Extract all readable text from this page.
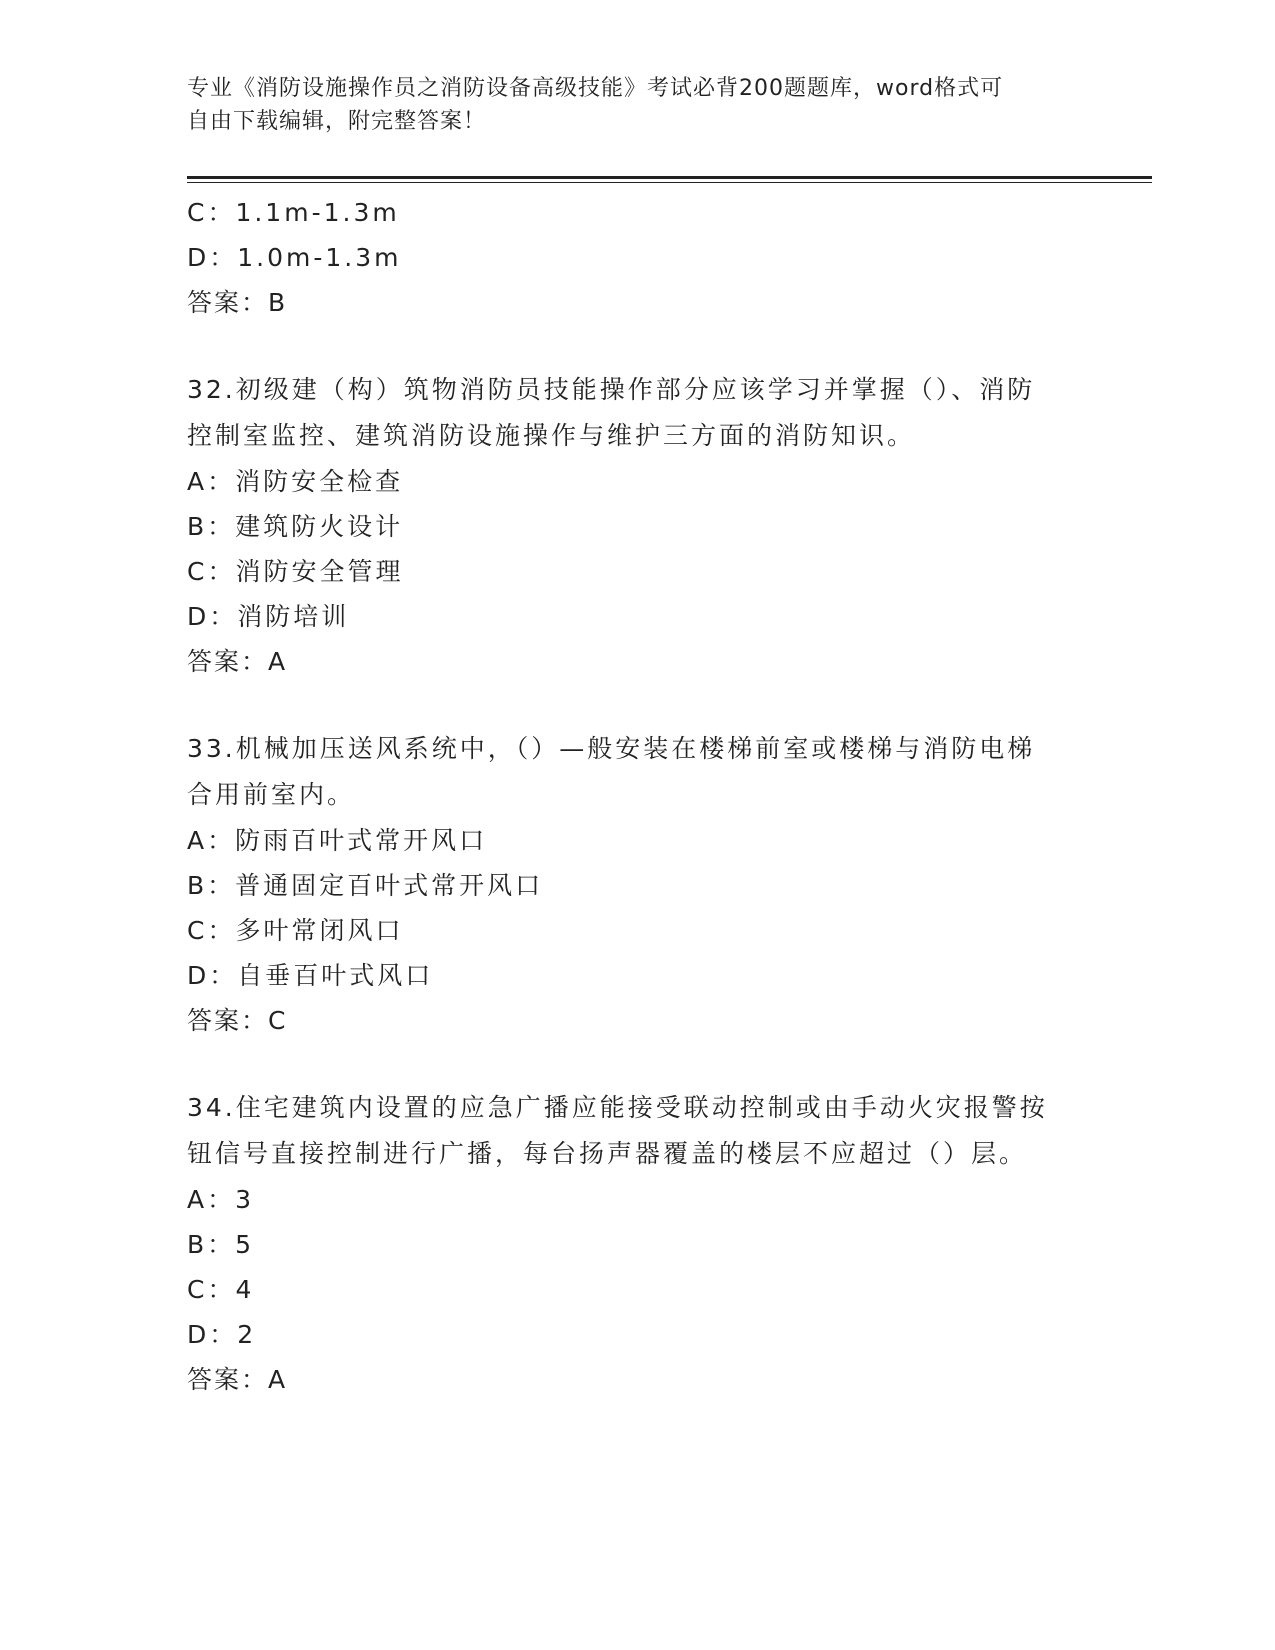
专业《消防设施操作员之消防设备高级技能》考试必背200题题库，word格式可
自由下载编辑，附完整答案！
C：1.1m-1.3m
D：1.0m-1.3m
答案：B
32.初级建（构）筑物消防员技能操作部分应该学习并掌握（）、消防
控制室监控、建筑消防设施操作与维护三方面的消防知识。
A：消防安全检查
B：建筑防火设计
C：消防安全管理
D：消防培训
答案：A
33.机械加压送风系统中，（）—般安装在楼梯前室或楼梯与消防电梯
合用前室内。
A：防雨百叶式常开风口
B：普通固定百叶式常开风口
C：多叶常闭风口
D：自垂百叶式风口
答案：C
34.住宅建筑内设置的应急广播应能接受联动控制或由手动火灾报警按
钮信号直接控制进行广播，每台扬声器覆盖的楼层不应超过（）层。
A：3
B：5
C：4
D：2
答案：A
